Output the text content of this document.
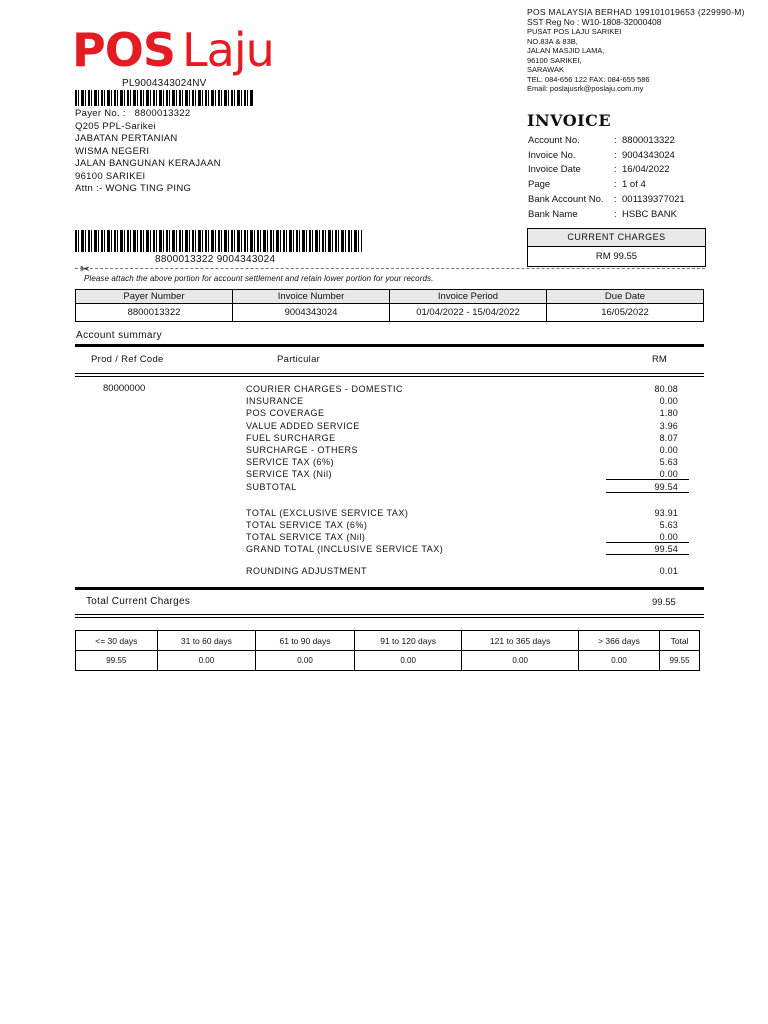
POS Laju
POS MALAYSIA BERHAD 199101019653 (229990-M)
SST Reg No : W10-1808-32000408
PUSAT POS LAJU SARIKEI
NO.83A & 83B,
JALAN MASJID LAMA,
96100 SARIKEI,
SARAWAK
TEL: 084-656 122 FAX: 084-655 586
Email: poslajusrk@poslaju.com.my
PL9004343024NV
Payer No. : 8800013322
Q205 PPL-Sarikei
JABATAN PERTANIAN
WISMA NEGERI
JALAN BANGUNAN KERAJAAN
96100 SARIKEI
Attn :- WONG TING PING
INVOICE
Account No.	: 8800013322
Invoice No.	: 9004343024
Invoice Date	: 16/04/2022
Page	: 1 of 4
Bank Account No. : 001139377021
Bank Name	: HSBC BANK
CURRENT CHARGES
RM 99.55
8800013322 9004343024
✂
Please attach the above portion for account settlement and retain lower portion for your records.
Payer Number	Invoice Number	Invoice Period	Due Date
8800013322	9004343024	01/04/2022 - 15/04/2022	16/05/2022
Account summary
Prod / Ref Code	Particular	RM
80000000	COURIER CHARGES - DOMESTIC	80.08
INSURANCE	0.00
POS COVERAGE	1.80
VALUE ADDED SERVICE	3.96
FUEL SURCHARGE	8.07
SURCHARGE - OTHERS	0.00
SERVICE TAX (6%)	5.63
SERVICE TAX (Nil)	0.00
SUBTOTAL	99.54
TOTAL (EXCLUSIVE SERVICE TAX)	93.91
TOTAL SERVICE TAX (6%)	5.63
TOTAL SERVICE TAX (Nil)	0.00
GRAND TOTAL (INCLUSIVE SERVICE TAX)	99.54
ROUNDING ADJUSTMENT	0.01
Total Current Charges	99.55
<= 30 days	31 to 60 days	61 to 90 days	91 to 120 days	121 to 365 days	> 366 days	Total
99.55	0.00	0.00	0.00	0.00	0.00	99.55
